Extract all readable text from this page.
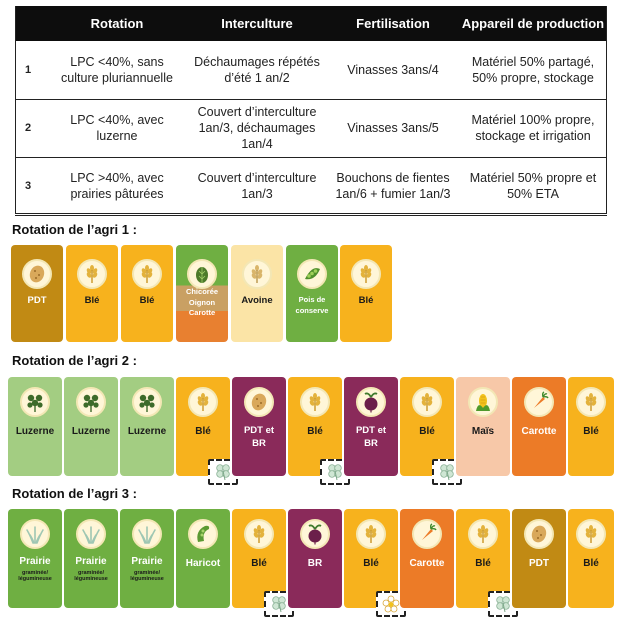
	Rotation	Interculture	Fertilisation	Appareil de production
1	LPC <40%, sans culture pluriannuelle	Déchaumages répétés d’été 1 an/2	Vinasses 3ans/4	Matériel 50% partagé, 50% propre, stockage
2	LPC <40%, avec luzerne	Couvert d’interculture 1an/3, déchaumages 1an/4	Vinasses 3ans/5	Matériel 100% propre, stockage et irrigation
3	LPC >40%, avec prairies pâturées	Couvert d’interculture 1an/3	Bouchons de fientes 1an/6 + fumier 1an/3	Matériel 50% propre et 50% ETA
Rotation de l’agri 1 :
Rotation de l’agri 2 :
Rotation de l’agri 3 :
PDT	Blé	Blé
Chicorée
Oignon
Carotte
Avoine	Pois de
conserve
Blé
Luzerne	Luzerne	Luzerne	Blé	PDT et
BR
Blé	PDT et
BR
Blé	Maïs	Carotte	Blé
Prairie
graminée/
légumineuse
Prairie
graminée/
légumineuse
Prairie
graminée/
légumineuse
Haricot	Blé	BR	Blé	Carotte	Blé	PDT	Blé
